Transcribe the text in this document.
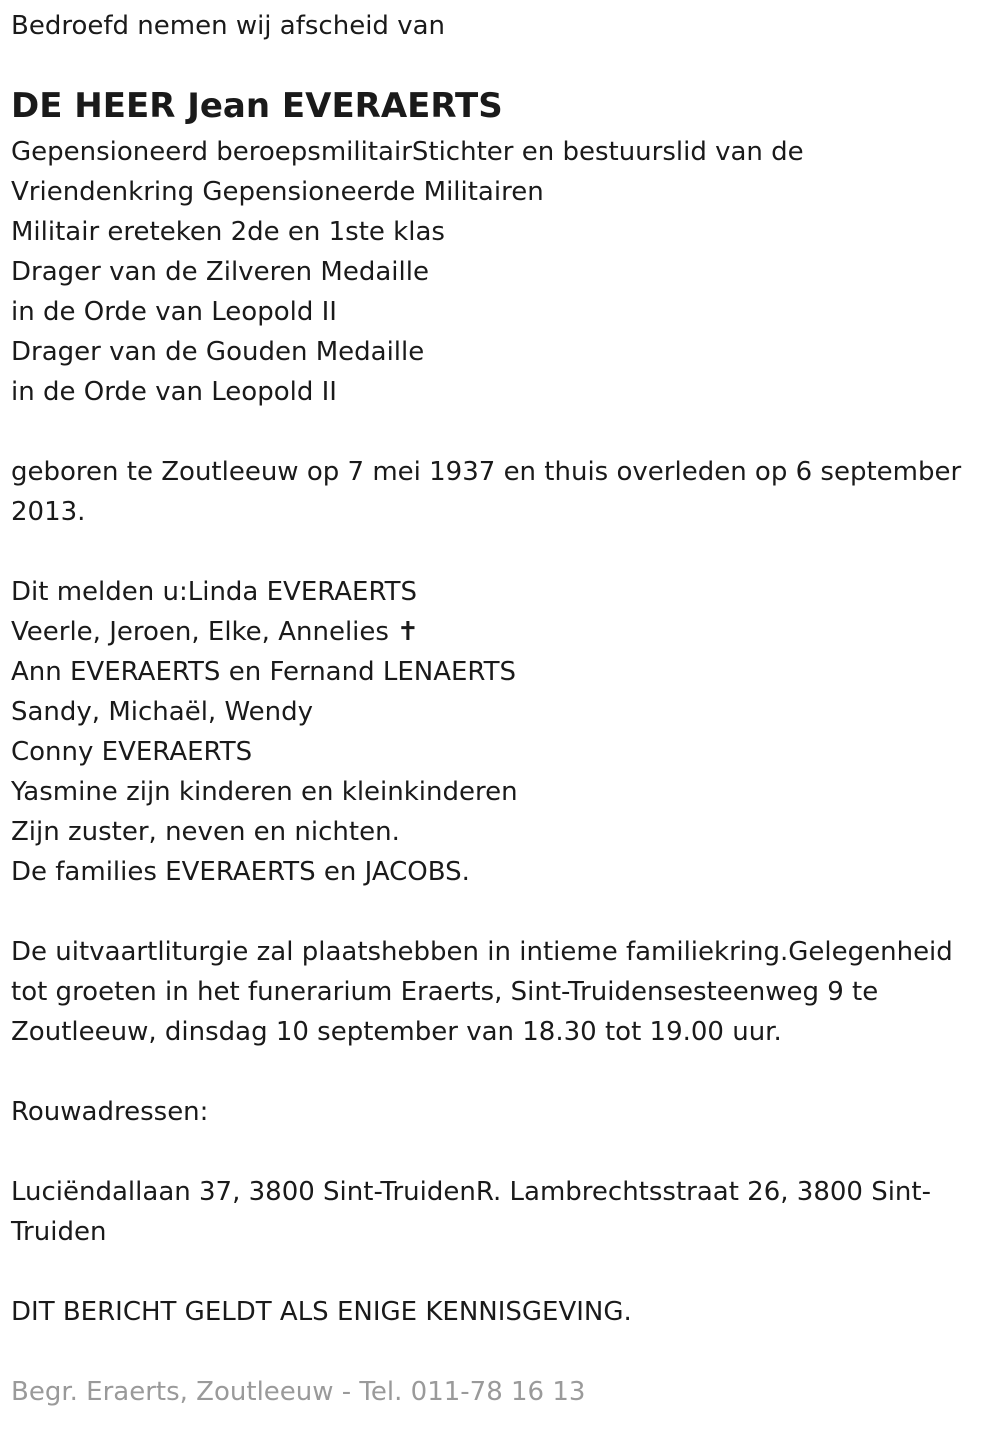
Bedroefd nemen wij afscheid van

DE HEER Jean EVERAERTS

Gepensioneerd beroepsmilitairStichter en bestuurslid van de

Vriendenkring Gepensioneerde Militairen

Militair ereteken 2de en 1ste klas

Drager van de Zilveren Medaille

in de Orde van Leopold II

Drager van de Gouden Medaille

in de Orde van Leopold II

geboren te Zoutleeuw op 7 mei 1937 en thuis overleden op 6 september 2013.

Dit melden u:Linda EVERAERTS

Veerle, Jeroen, Elke, Annelies ✝

Ann EVERAERTS en Fernand LENAERTS

Sandy, Michaël, Wendy

Conny EVERAERTS

Yasmine zijn kinderen en kleinkinderen

Zijn zuster, neven en nichten.

De families EVERAERTS en JACOBS.

De uitvaartliturgie zal plaatshebben in intieme familiekring.Gelegenheid tot groeten in het funerarium Eraerts, Sint-Truidensesteenweg 9 te Zoutleeuw, dinsdag 10 september van 18.30 tot 19.00 uur.

Rouwadressen:

Luciëndallaan 37, 3800 Sint-TruidenR. Lambrechtsstraat 26, 3800 Sint-Truiden

DIT BERICHT GELDT ALS ENIGE KENNISGEVING.

Begr. Eraerts, Zoutleeuw - Tel. 011-78 16 13
